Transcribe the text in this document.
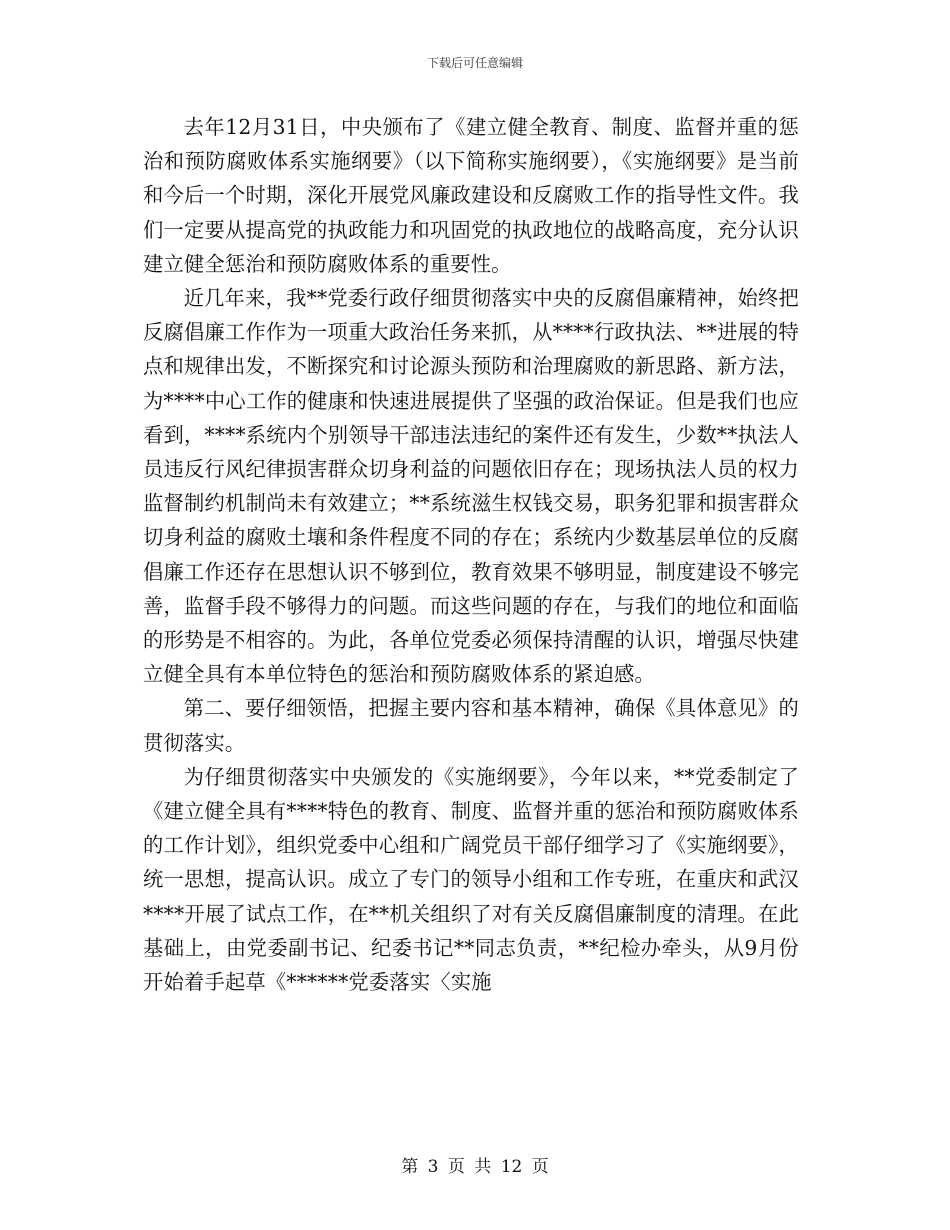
下载后可任意编辑

去年12月31日，中央颁布了《建立健全教育、制度、监督并重的惩治和预防腐败体系实施纲要》（以下简称实施纲要），《实施纲要》是当前和今后一个时期，深化开展党风廉政建设和反腐败工作的指导性文件。我们一定要从提高党的执政能力和巩固党的执政地位的战略高度，充分认识建立健全惩治和预防腐败体系的重要性。

近几年来，我**党委行政仔细贯彻落实中央的反腐倡廉精神，始终把反腐倡廉工作作为一项重大政治任务来抓，从****行政执法、**进展的特点和规律出发，不断探究和讨论源头预防和治理腐败的新思路、新方法，为****中心工作的健康和快速进展提供了坚强的政治保证。但是我们也应看到，****系统内个别领导干部违法违纪的案件还有发生，少数**执法人员违反行风纪律损害群众切身利益的问题依旧存在；现场执法人员的权力监督制约机制尚未有效建立；**系统滋生权钱交易，职务犯罪和损害群众切身利益的腐败土壤和条件程度不同的存在；系统内少数基层单位的反腐倡廉工作还存在思想认识不够到位，教育效果不够明显，制度建设不够完善，监督手段不够得力的问题。而这些问题的存在，与我们的地位和面临的形势是不相容的。为此，各单位党委必须保持清醒的认识，增强尽快建立健全具有本单位特色的惩治和预防腐败体系的紧迫感。

第二、要仔细领悟，把握主要内容和基本精神，确保《具体意见》的贯彻落实。

为仔细贯彻落实中央颁发的《实施纲要》，今年以来，**党委制定了《建立健全具有****特色的教育、制度、监督并重的惩治和预防腐败体系的工作计划》，组织党委中心组和广阔党员干部仔细学习了《实施纲要》，统一思想，提高认识。成立了专门的领导小组和工作专班，在重庆和武汉****开展了试点工作，在**机关组织了对有关反腐倡廉制度的清理。在此基础上，由党委副书记、纪委书记**同志负责，**纪检办牵头，从9月份开始着手起草《******党委落实〈实施

第 3 页 共 12 页
